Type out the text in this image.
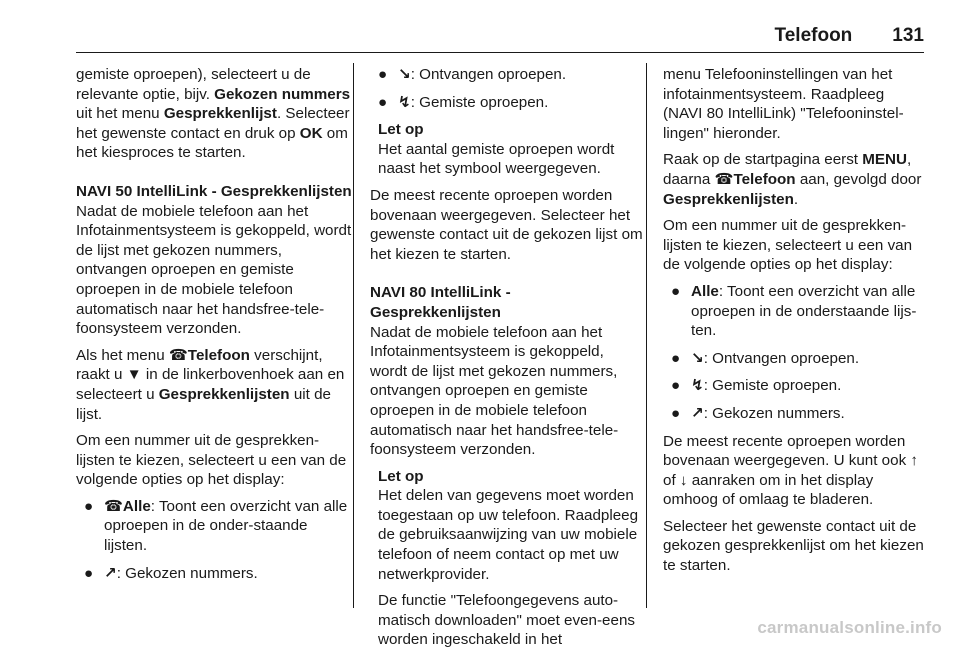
Telefoon 131

gemiste oproepen), selecteert u de relevante optie, bijv. Gekozen nummers uit het menu Gesprekkenlijst. Selecteer het gewenste contact en druk op OK om het kiesproces te starten.

NAVI 50 IntelliLink - Gesprekkenlijsten

Nadat de mobiele telefoon aan het Infotainmentsysteem is gekoppeld, wordt de lijst met gekozen nummers, ontvangen oproepen en gemiste oproepen in de mobiele telefoon automatisch naar het handsfree-tele-foonsysteem verzonden.

Als het menu ☎Telefoon verschijnt, raakt u ▼ in de linkerbovenhoek aan en selecteert u Gesprekkenlijsten uit de lijst.

Om een nummer uit de gesprekken-lijsten te kiezen, selecteert u een van de volgende opties op het display:

● ☎Alle: Toont een overzicht van alle oproepen in de onder-staande lijsten.
● ↗: Gekozen nummers.
● ↘: Ontvangen oproepen.
● ↯: Gemiste oproepen.

Let op

Het aantal gemiste oproepen wordt naast het symbool weergegeven.

De meest recente oproepen worden bovenaan weergegeven. Selecteer het gewenste contact uit de gekozen lijst om het kiezen te starten.

NAVI 80 IntelliLink - Gesprekkenlijsten

Nadat de mobiele telefoon aan het Infotainmentsysteem is gekoppeld, wordt de lijst met gekozen nummers, ontvangen oproepen en gemiste oproepen in de mobiele telefoon automatisch naar het handsfree-tele-foonsysteem verzonden.

Let op

Het delen van gegevens moet worden toegestaan op uw telefoon. Raadpleeg de gebruiksaanwijzing van uw mobiele telefoon of neem contact op met uw netwerkprovider.

De functie "Telefoongegevens auto-matisch downloaden" moet even-eens worden ingeschakeld in het

menu Telefooninstellingen van het infotainmentsysteem. Raadpleeg (NAVI 80 IntelliLink) "Telefooninstel-lingen" hieronder.

Raak op de startpagina eerst MENU, daarna ☎Telefoon aan, gevolgd door Gesprekkenlijsten.

Om een nummer uit de gesprekken-lijsten te kiezen, selecteert u een van de volgende opties op het display:

● Alle: Toont een overzicht van alle oproepen in de onderstaande lijs-ten.
● ↘: Ontvangen oproepen.
● ↯: Gemiste oproepen.
● ↗: Gekozen nummers.

De meest recente oproepen worden bovenaan weergegeven. U kunt ook ↑ of ↓ aanraken om in het display omhoog of omlaag te bladeren.

Selecteer het gewenste contact uit de gekozen gesprekkenlijst om het kiezen te starten.

carmanualsonline.info
